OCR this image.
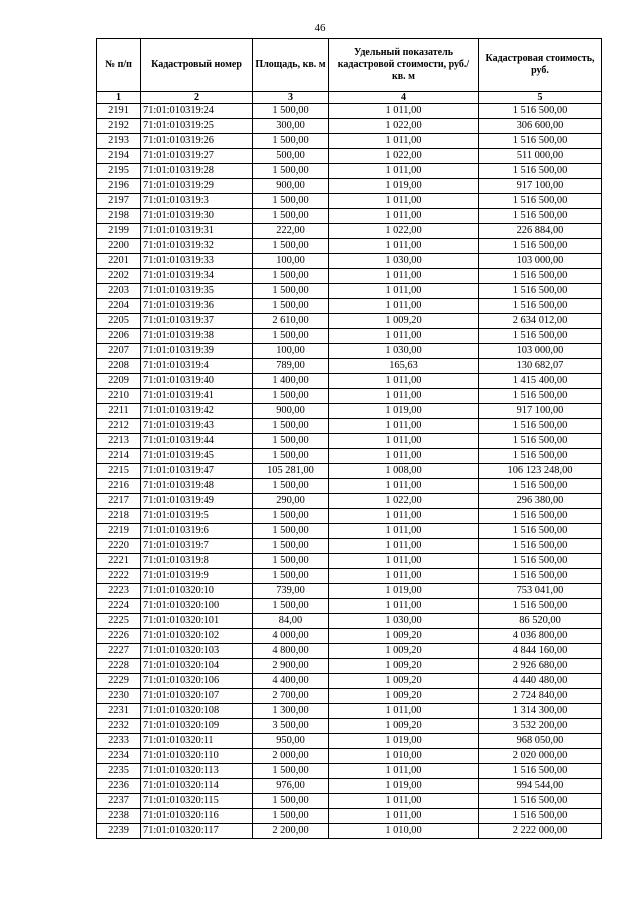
46
№ п/п	Кадастровый номер	Площадь, кв. м	Удельный показатель кадастровой стоимости, руб./кв. м	Кадастровая стоимость, руб.
1	2	3	4	5
2191	71:01:010319:24	1 500,00	1 011,00	1 516 500,00
2192	71:01:010319:25	300,00	1 022,00	306 600,00
2193	71:01:010319:26	1 500,00	1 011,00	1 516 500,00
2194	71:01:010319:27	500,00	1 022,00	511 000,00
2195	71:01:010319:28	1 500,00	1 011,00	1 516 500,00
2196	71:01:010319:29	900,00	1 019,00	917 100,00
2197	71:01:010319:3	1 500,00	1 011,00	1 516 500,00
2198	71:01:010319:30	1 500,00	1 011,00	1 516 500,00
2199	71:01:010319:31	222,00	1 022,00	226 884,00
2200	71:01:010319:32	1 500,00	1 011,00	1 516 500,00
2201	71:01:010319:33	100,00	1 030,00	103 000,00
2202	71:01:010319:34	1 500,00	1 011,00	1 516 500,00
2203	71:01:010319:35	1 500,00	1 011,00	1 516 500,00
2204	71:01:010319:36	1 500,00	1 011,00	1 516 500,00
2205	71:01:010319:37	2 610,00	1 009,20	2 634 012,00
2206	71:01:010319:38	1 500,00	1 011,00	1 516 500,00
2207	71:01:010319:39	100,00	1 030,00	103 000,00
2208	71:01:010319:4	789,00	165,63	130 682,07
2209	71:01:010319:40	1 400,00	1 011,00	1 415 400,00
2210	71:01:010319:41	1 500,00	1 011,00	1 516 500,00
2211	71:01:010319:42	900,00	1 019,00	917 100,00
2212	71:01:010319:43	1 500,00	1 011,00	1 516 500,00
2213	71:01:010319:44	1 500,00	1 011,00	1 516 500,00
2214	71:01:010319:45	1 500,00	1 011,00	1 516 500,00
2215	71:01:010319:47	105 281,00	1 008,00	106 123 248,00
2216	71:01:010319:48	1 500,00	1 011,00	1 516 500,00
2217	71:01:010319:49	290,00	1 022,00	296 380,00
2218	71:01:010319:5	1 500,00	1 011,00	1 516 500,00
2219	71:01:010319:6	1 500,00	1 011,00	1 516 500,00
2220	71:01:010319:7	1 500,00	1 011,00	1 516 500,00
2221	71:01:010319:8	1 500,00	1 011,00	1 516 500,00
2222	71:01:010319:9	1 500,00	1 011,00	1 516 500,00
2223	71:01:010320:10	739,00	1 019,00	753 041,00
2224	71:01:010320:100	1 500,00	1 011,00	1 516 500,00
2225	71:01:010320:101	84,00	1 030,00	86 520,00
2226	71:01:010320:102	4 000,00	1 009,20	4 036 800,00
2227	71:01:010320:103	4 800,00	1 009,20	4 844 160,00
2228	71:01:010320:104	2 900,00	1 009,20	2 926 680,00
2229	71:01:010320:106	4 400,00	1 009,20	4 440 480,00
2230	71:01:010320:107	2 700,00	1 009,20	2 724 840,00
2231	71:01:010320:108	1 300,00	1 011,00	1 314 300,00
2232	71:01:010320:109	3 500,00	1 009,20	3 532 200,00
2233	71:01:010320:11	950,00	1 019,00	968 050,00
2234	71:01:010320:110	2 000,00	1 010,00	2 020 000,00
2235	71:01:010320:113	1 500,00	1 011,00	1 516 500,00
2236	71:01:010320:114	976,00	1 019,00	994 544,00
2237	71:01:010320:115	1 500,00	1 011,00	1 516 500,00
2238	71:01:010320:116	1 500,00	1 011,00	1 516 500,00
2239	71:01:010320:117	2 200,00	1 010,00	2 222 000,00
